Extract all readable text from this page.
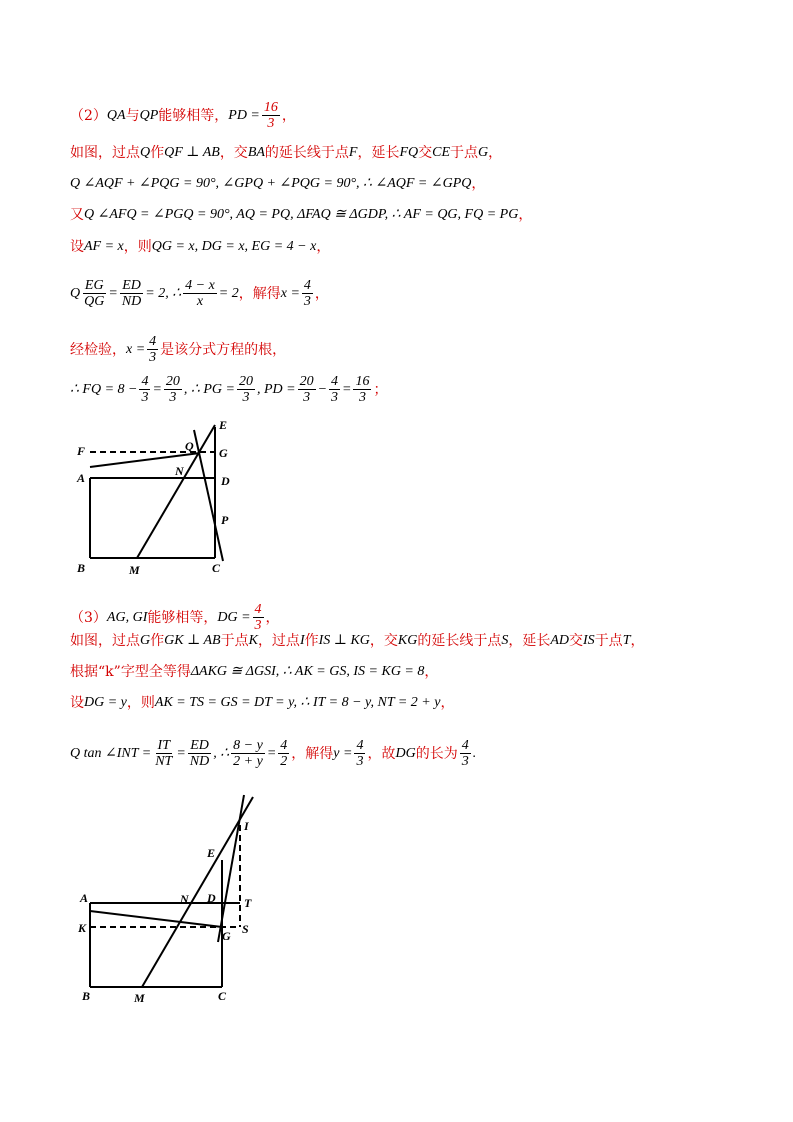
（2） QA 与 QP 能够相等， PD = $\frac{16}{3}$ ，
如图，过点 Q 作 QF ⊥ AB ，交 BA 的延长线于点 F ，延长 FQ 交 CE 于点 G ，
Q ∠AQF + ∠PQG = 90°, ∠GPQ + ∠PQG = 90°, ∴ ∠AQF = ∠GPQ ，
又 Q ∠AFQ = ∠PGQ = 90°, AQ = PQ, ΔFAQ ≅ ΔGDP, ∴ AF = QG, FQ = PG ，
设 AF = x ，则 QG = x, DG = x, EG = 4 − x ，
Q $\frac{EG}{QG} = \frac{ED}{ND} = 2$, ∴ $\frac{4 - x}{x} = 2$ ，解得 $x = \frac{4}{3}$ ，
经检验， $x = \frac{4}{3}$ 是该分式方程的根，
∴ FQ = $8 - \frac{4}{3} = \frac{20}{3}$ , ∴ PG = $\frac{20}{3}$ , PD = $\frac{20}{3} - \frac{4}{3} = \frac{16}{3}$ ；
F	Q G
E
A	N
D
P
B	M	C
（3） AG, GI 能够相等， DG = $\frac{4}{3}$ ，
如图，过点 G 作 GK ⊥ AB 于点 K ，过点 I 作 IS ⊥ KG ，交 KG 的延长线于点 S ，延长 AD 交 IS 于点 T ，
根据“ k ”字型全等得 ΔAKG ≅ ΔGSI, ∴ AK = GS, IS = KG = 8 ，
设 DG = y ，则 AK = TS = GS = DT = y, ∴ IT = 8 − y, NT = 2 + y ，
Q tan ∠INT = $\frac{IT}{NT} = \frac{ED}{ND}$ , ∴ $\frac{8 - y}{2 + y} = \frac{4}{2}$ ，解得 $y = \frac{4}{3}$ ，故 DG 的长为 $\frac{4}{3}$ .
I
E
A	N D T
K
G S
B	M	C
